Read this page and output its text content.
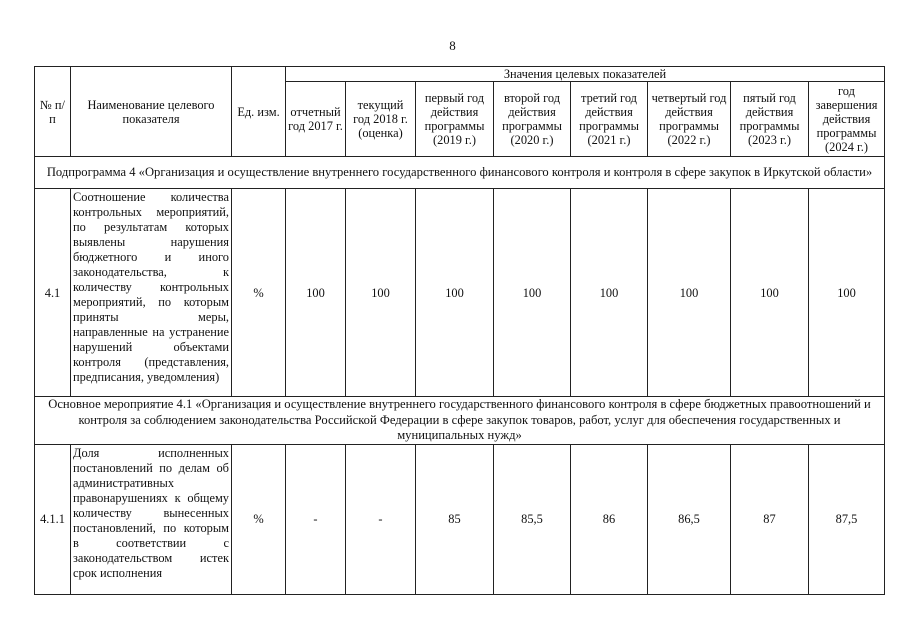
8
№ п/п	Наименование целевого показателя	Ед. изм.	Значения целевых показателей							
			отчетный год 2017 г.	текущий год 2018 г. (оценка)	первый год действия программы (2019 г.)	второй год действия программы (2020 г.)	третий год действия программы (2021 г.)	четвертый год действия программы (2022 г.)	пятый год действия программы (2023 г.)	год завершения действия программы (2024 г.)
Подпрограмма 4 «Организация и осуществление внутреннего государственного финансового контроля и контроля в сфере закупок в Иркутской области»										
4.1	Соотношение количества контрольных мероприятий, по результатам которых выявлены нарушения бюджетного и иного законодательства, к количеству контрольных мероприятий, по которым приняты меры, направленные на устранение нарушений объектами контроля (представления, предписания, уведомления)	%	100	100	100	100	100	100	100	100
Основное мероприятие 4.1 «Организация и осуществление внутреннего государственного финансового контроля в сфере бюджетных правоотношений и контроля за соблюдением законодательства Российской Федерации в сфере закупок товаров, работ, услуг для обеспечения государственных и муниципальных нужд»										
4.1.1	Доля исполненных постановлений по делам об административных правонарушениях к общему количеству вынесенных постановлений, по которым в соответствии с законодательством истек срок исполнения	%	-	-	85	85,5	86	86,5	87	87,5
